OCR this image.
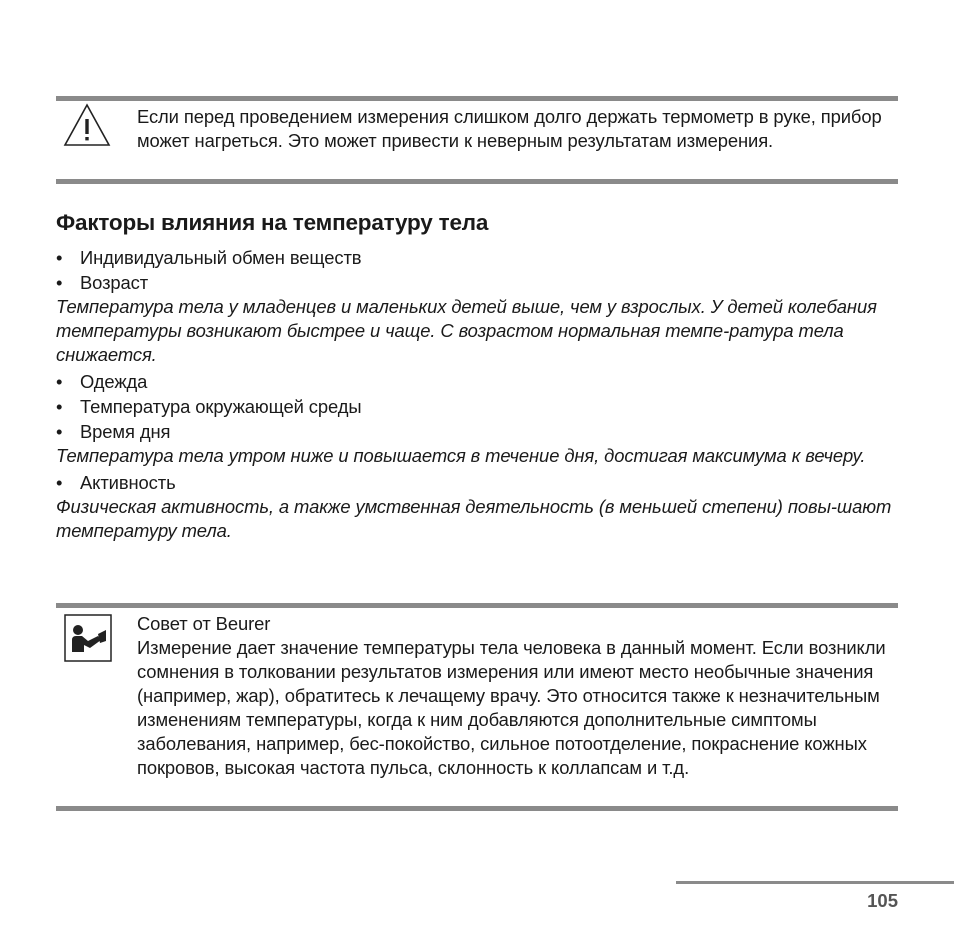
Если перед проведением измерения слишком долго держать термометр в руке, прибор может нагреться. Это может привести к неверным результатам измерения.
Факторы влияния на температуру тела
• Индивидуальный обмен веществ
• Возраст
Температура тела у младенцев и маленьких детей выше, чем у взрослых. У детей колебания температуры возникают быстрее и чаще. С возрастом нормальная темпе-ратура тела снижается.
• Одежда
• Температура окружающей среды
• Время дня
Температура тела утром ниже и повышается в течение дня, достигая максимума к вечеру.
• Активность
Физическая активность, а также умственная деятельность (в меньшей степени) повы-шают температуру тела.
Совет от Beurer
Измерение дает значение температуры тела человека в данный момент. Если возникли сомнения в толковании результатов измерения или имеют место необычные значения (например, жар), обратитесь к лечащему врачу. Это относится также к незначительным изменениям температуры, когда к ним добавляются дополнительные симптомы заболевания, например, бес-покойство, сильное потоотделение, покраснение кожных покровов, высокая частота пульса, склонность к коллапсам и т.д.
105
